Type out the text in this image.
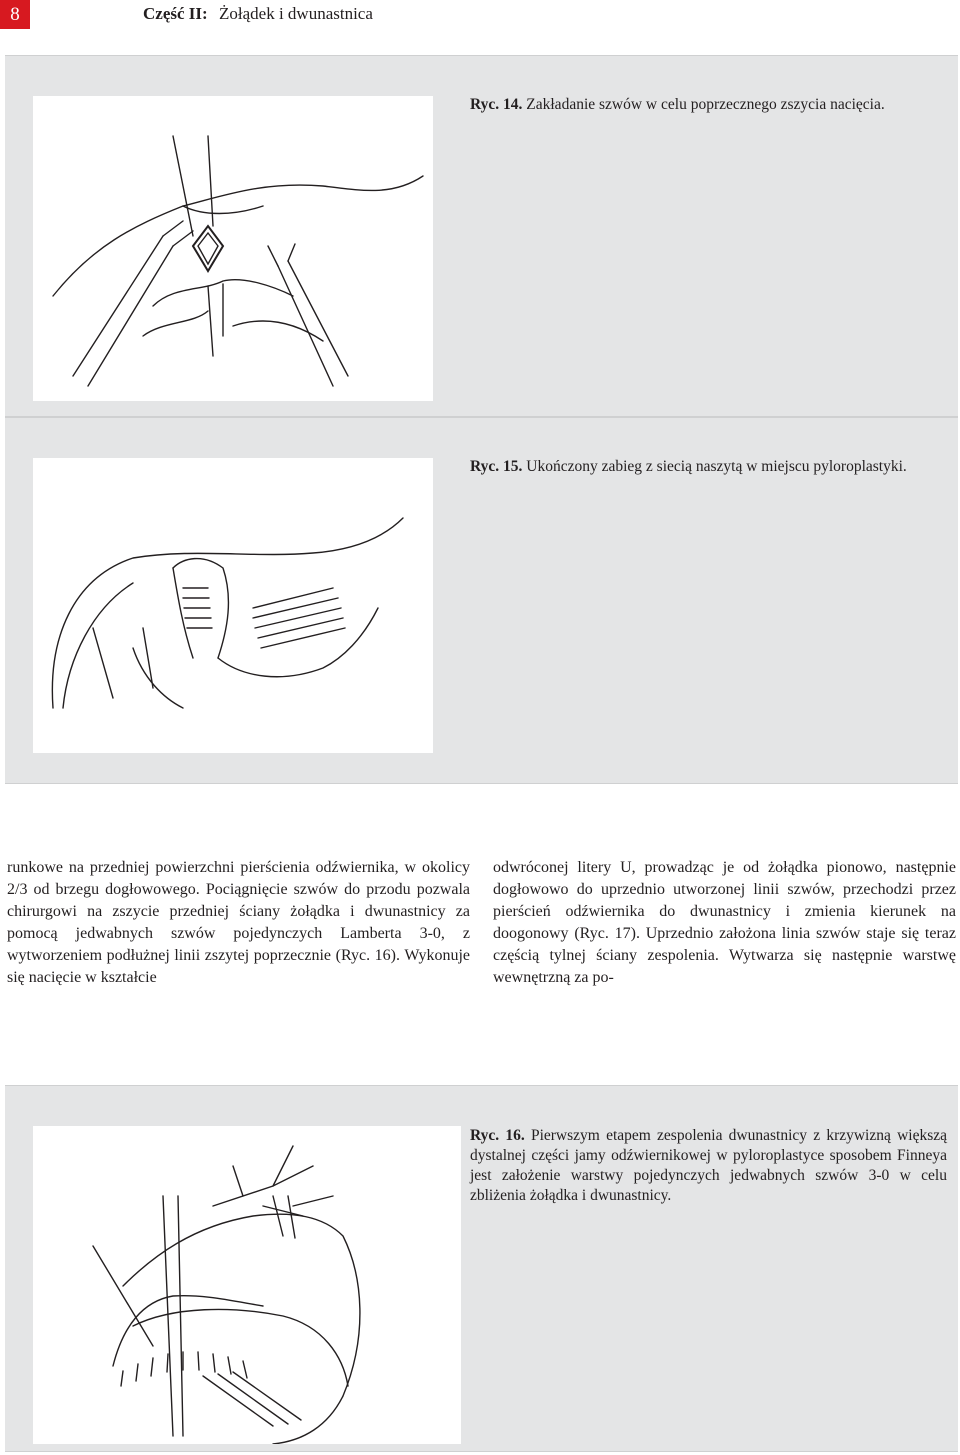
8	Część II: Żołądek i dwunastnica
Ryc. 14. Zakładanie szwów w celu poprzecznego zszycia nacięcia.
Ryc. 15. Ukończony zabieg z siecią naszytą w miejscu pyloroplastyki.
runkowe na przedniej powierzchni pierścienia odźwiernika, w okolicy 2/3 od brzegu dogłowowego. Pociągnięcie szwów do przodu pozwala chirurgowi na zszycie przedniej ściany żołądka i dwunastnicy za pomocą jedwabnych szwów pojedynczych Lamberta 3-0, z wytworzeniem podłużnej linii zszytej poprzecznie (Ryc. 16). Wykonuje się nacięcie w kształcie
odwróconej litery U, prowadząc je od żołądka pionowo, następnie dogłowowo do uprzednio utworzonej linii szwów, przechodzi przez pierścień odźwiernika do dwunastnicy i zmienia kierunek na doogonowy (Ryc. 17). Uprzednio założona linia szwów staje się teraz częścią tylnej ściany zespolenia. Wytwarza się następnie warstwę wewnętrzną za po-
Ryc. 16. Pierwszym etapem zespolenia dwunastnicy z krzywizną większą dystalnej części jamy odźwiernikowej w pyloroplastyce sposobem Finneya jest założenie warstwy pojedynczych jedwabnych szwów 3-0 w celu zbliżenia żołądka i dwunastnicy.
